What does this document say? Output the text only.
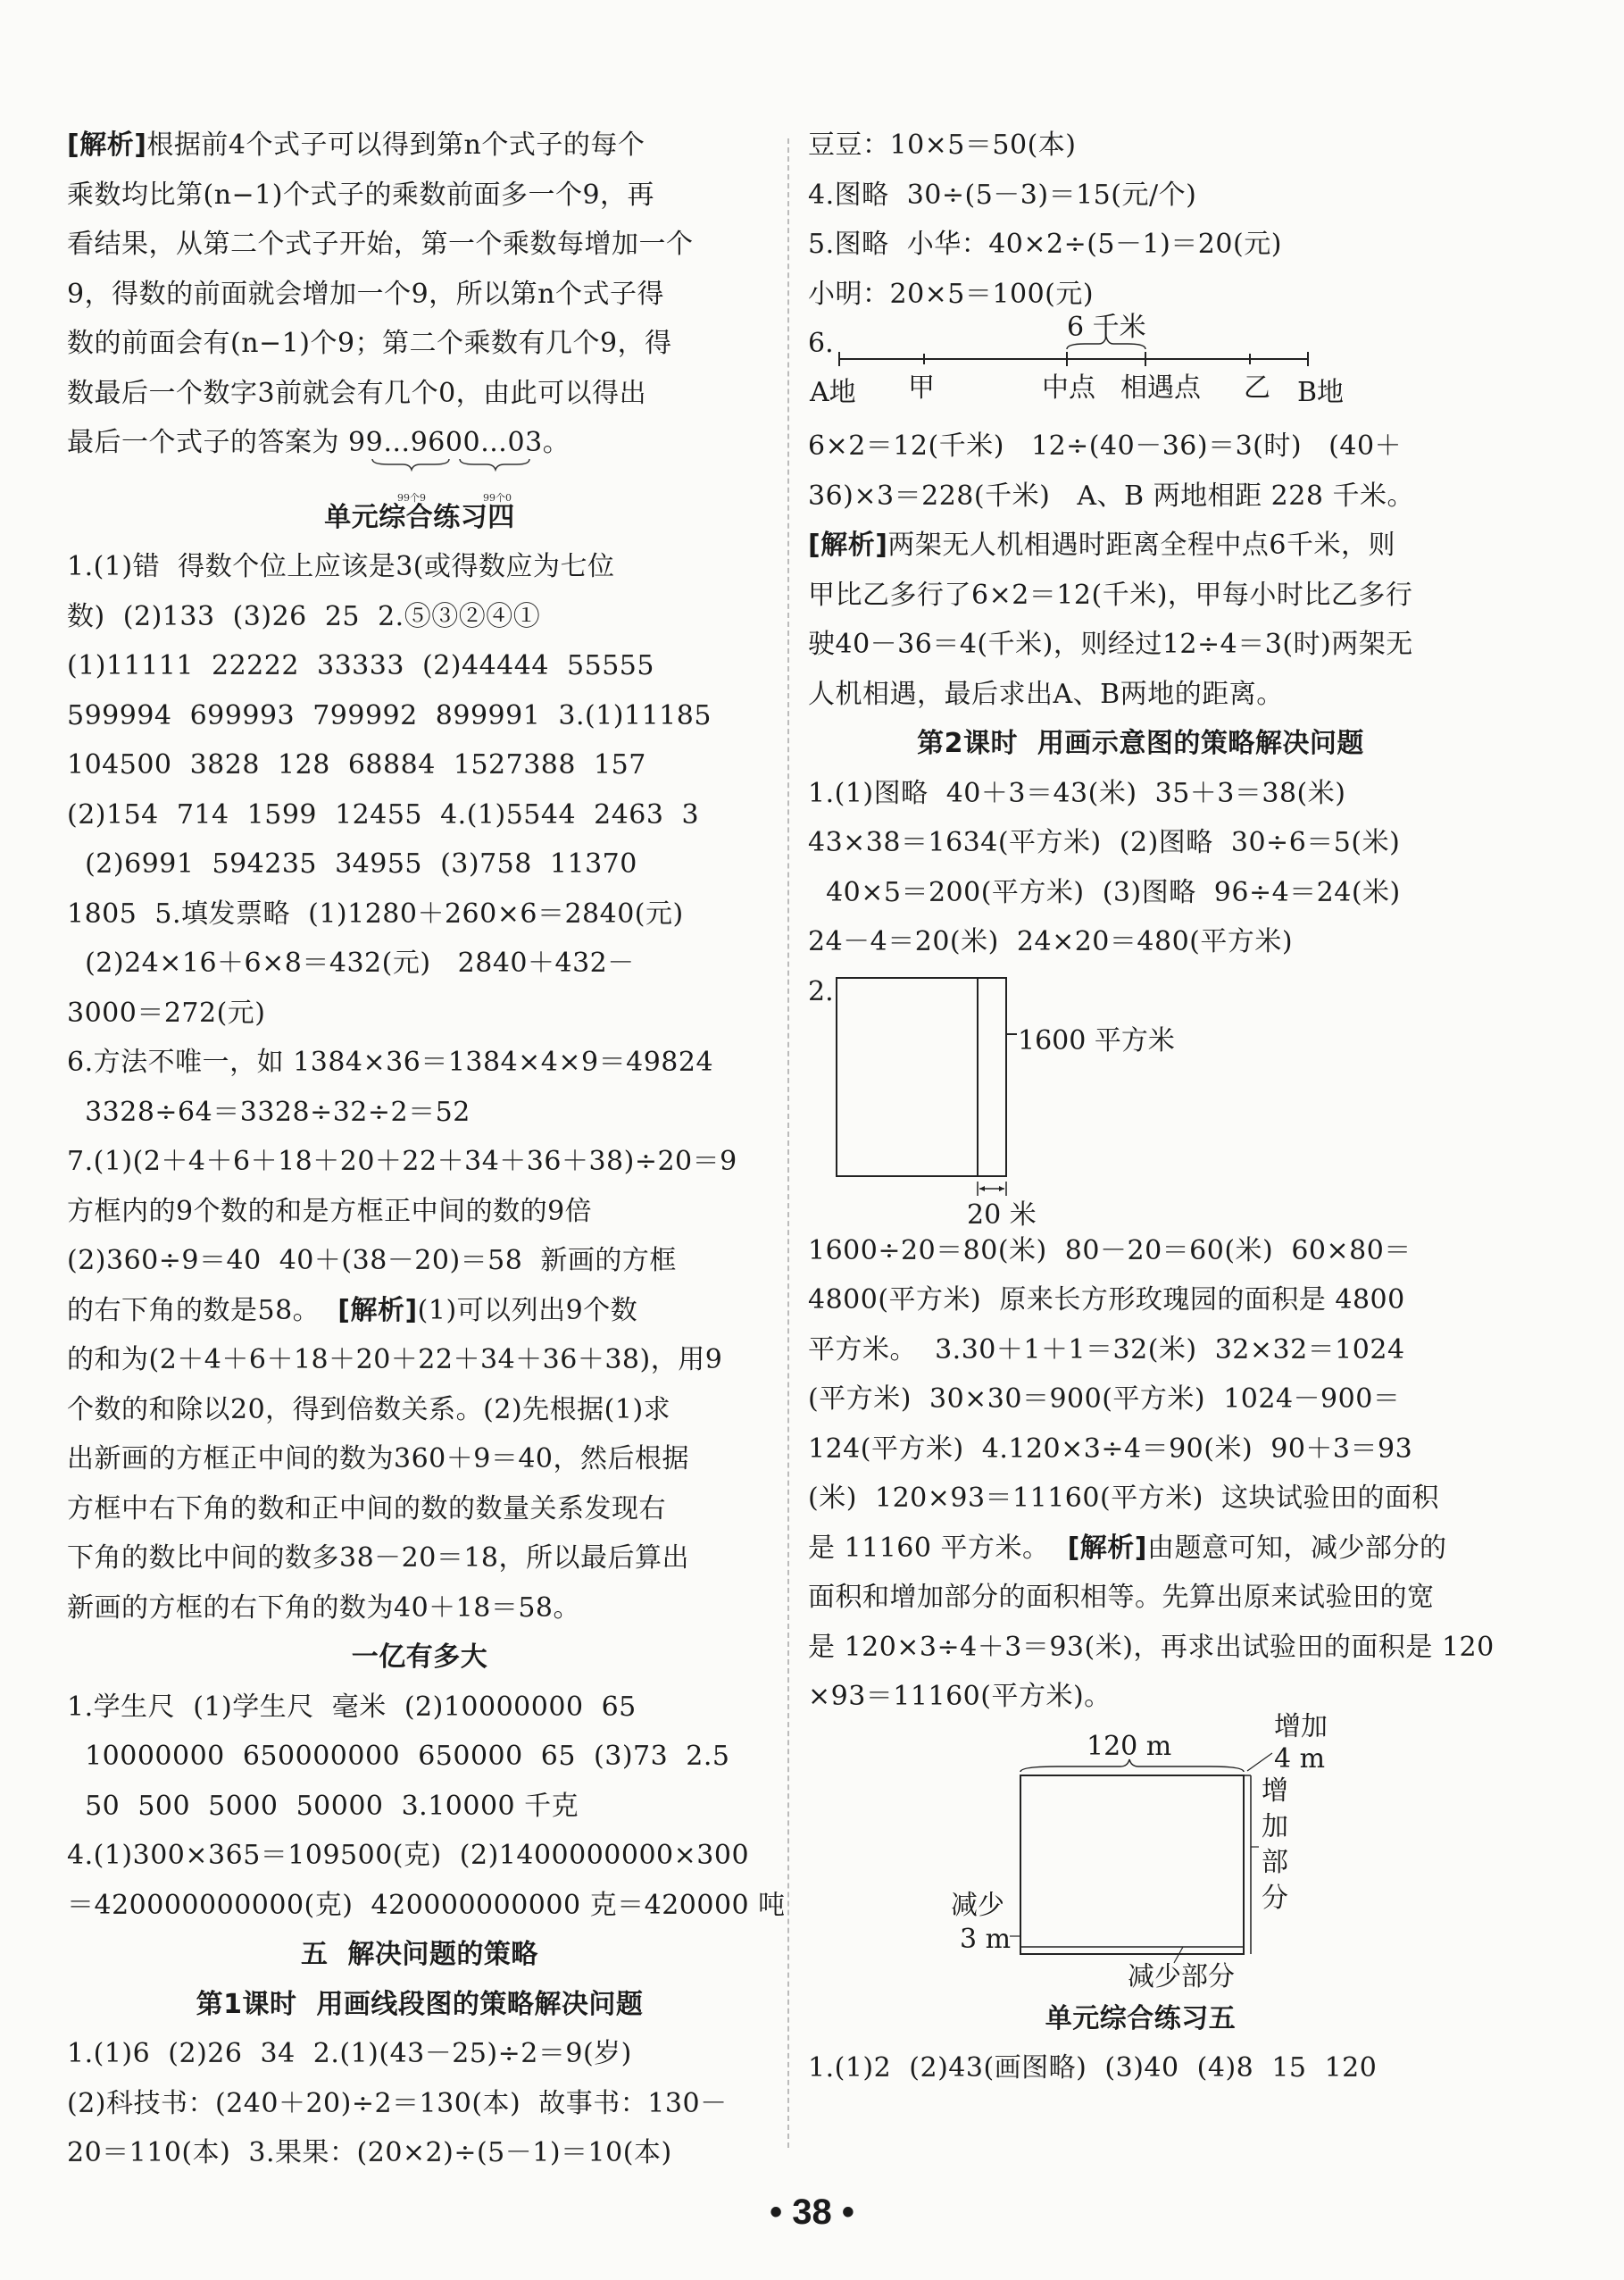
[解析]根据前4个式子可以得到第n个式子的每个
乘数均比第(n−1)个式子的乘数前面多一个9，再
看结果，从第二个式子开始，第一个乘数每增加一个
9，得数的前面就会增加一个9，所以第n个式子得
数的前面会有(n−1)个9；第二个乘数有几个9，得
数最后一个数字3前就会有几个0，由此可以得出
最后一个式子的答案为 99…9600…03。
99个9	99个0
单元综合练习四
1.(1)错  得数个位上应该是3(或得数应为七位
数)  (2)133  (3)26  25  2.⑤③②④①
(1)11111  22222  33333  (2)44444  55555
599994  699993  799992  899991  3.(1)11185
104500  3828  128  68884  1527388  157
(2)154  714  1599  12455  4.(1)5544  2463  3
(2)6991  594235  34955  (3)758  11370
1805  5.填发票略  (1)1280＋260×6＝2840(元)
(2)24×16＋6×8＝432(元)   2840＋432－
3000＝272(元)
6.方法不唯一，如 1384×36＝1384×4×9＝49824
3328÷64＝3328÷32÷2＝52
7.(1)(2＋4＋6＋18＋20＋22＋34＋36＋38)÷20＝9
方框内的9个数的和是方框正中间的数的9倍
(2)360÷9＝40  40＋(38－20)＝58  新画的方框
的右下角的数是58。  [解析](1)可以列出9个数
的和为(2＋4＋6＋18＋20＋22＋34＋36＋38)，用9
个数的和除以20，得到倍数关系。(2)先根据(1)求
出新画的方框正中间的数为360＋9＝40，然后根据
方框中右下角的数和正中间的数的数量关系发现右
下角的数比中间的数多38－20＝18，所以最后算出
新画的方框的右下角的数为40＋18＝58。
一亿有多大
1.学生尺  (1)学生尺  毫米  (2)10000000  65
10000000  650000000  650000  65  (3)73  2.5
50  500  5000  50000  3.10000 千克
4.(1)300×365＝109500(克)  (2)1400000000×300
＝420000000000(克)  420000000000 克＝420000 吨
五  解决问题的策略
第1课时  用画线段图的策略解决问题
1.(1)6  (2)26  34  2.(1)(43－25)÷2＝9(岁)
(2)科技书：(240＋20)÷2＝130(本)  故事书：130－
20＝110(本)  3.果果：(20×2)÷(5－1)＝10(本)
豆豆：10×5＝50(本)
4.图略  30÷(5－3)＝15(元/个)
5.图略  小华：40×2÷(5－1)＝20(元)
小明：20×5＝100(元)
6.
6 千米
A地 甲	中点 相遇点 乙 B地
6×2＝12(千米)   12÷(40－36)＝3(时)   (40＋
36)×3＝228(千米)   A、B 两地相距 228 千米。
[解析]两架无人机相遇时距离全程中点6千米，则
甲比乙多行了6×2＝12(千米)，甲每小时比乙多行
驶40－36＝4(千米)，则经过12÷4＝3(时)两架无
人机相遇，最后求出A、B两地的距离。
第2课时  用画示意图的策略解决问题
1.(1)图略  40＋3＝43(米)  35＋3＝38(米)
43×38＝1634(平方米)  (2)图略  30÷6＝5(米)
40×5＝200(平方米)  (3)图略  96÷4＝24(米)
24－4＝20(米)  24×20＝480(平方米)
2.
1600 平方米
20 米
1600÷20＝80(米)  80－20＝60(米)  60×80＝
4800(平方米)  原来长方形玫瑰园的面积是 4800
平方米。  3.30＋1＋1＝32(米)  32×32＝1024
(平方米)  30×30＝900(平方米)  1024－900＝
124(平方米)  4.120×3÷4＝90(米)  90＋3＝93
(米)  120×93＝11160(平方米)  这块试验田的面积
是 11160 平方米。  [解析]由题意可知，减少部分的
面积和增加部分的面积相等。先算出原来试验田的宽
是 120×3÷4＋3＝93(米)，再求出试验田的面积是 120
×93＝11160(平方米)。
120 m
增加
4 m
增
加
部
分
减少
3 m
减少部分
单元综合练习五
1.(1)2  (2)43(画图略)  (3)40  (4)8  15  120
• 38 •
